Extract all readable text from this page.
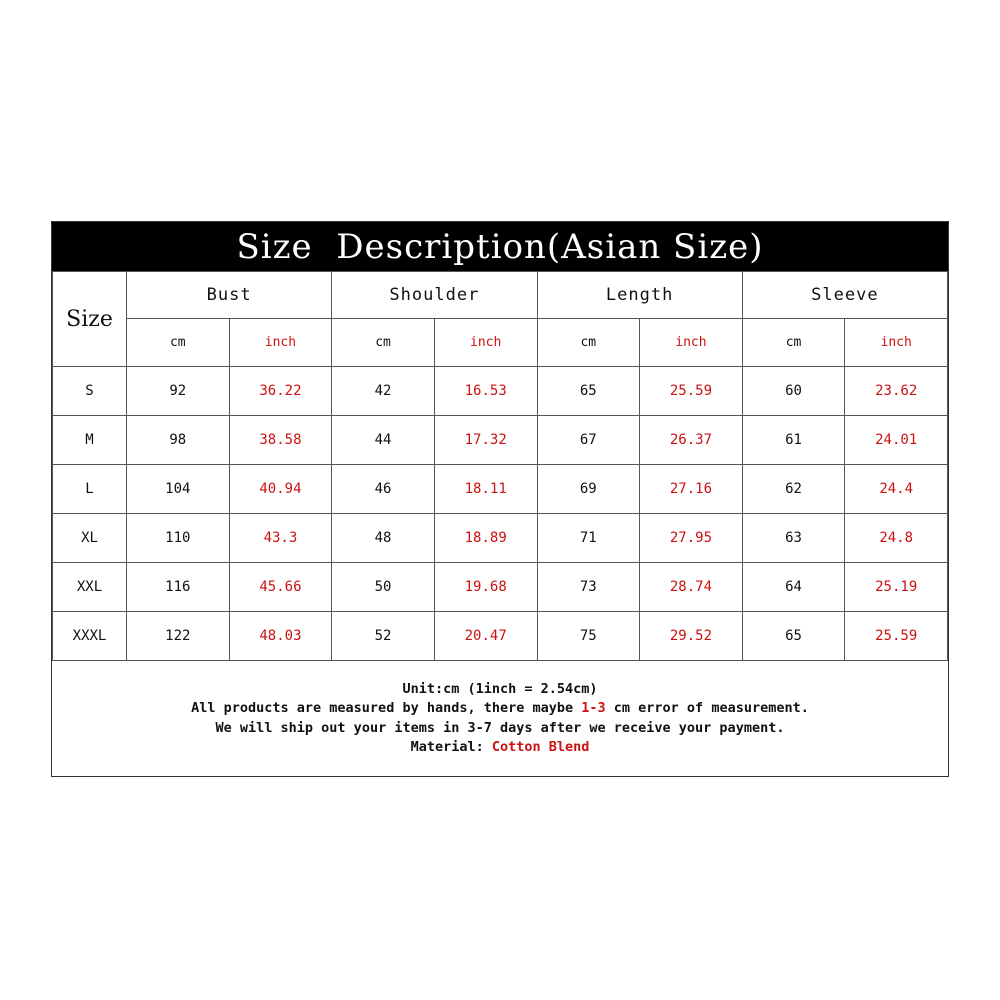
Size  Description(Asian Size)
Size	Bust		Shoulder		Length		Sleeve	
	cm	inch	cm	inch	cm	inch	cm	inch
S	92	36.22	42	16.53	65	25.59	60	23.62
M	98	38.58	44	17.32	67	26.37	61	24.01
L	104	40.94	46	18.11	69	27.16	62	24.4
XL	110	43.3	48	18.89	71	27.95	63	24.8
XXL	116	45.66	50	19.68	73	28.74	64	25.19
XXXL	122	48.03	52	20.47	75	29.52	65	25.59
Unit:cm (1inch = 2.54cm)
All products are measured by hands, there maybe 1-3 cm error of measurement.
We will ship out your items in 3-7 days after we receive your payment.
Material: Cotton Blend
